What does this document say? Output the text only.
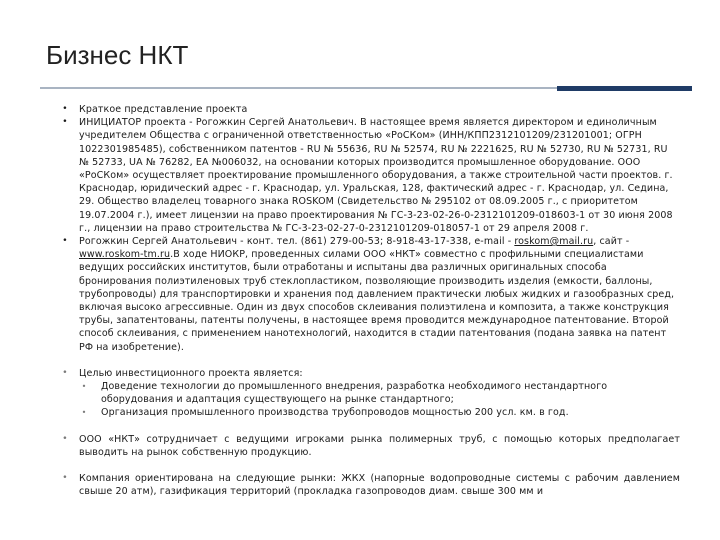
Бизнес НКТ
• Краткое представление проекта
• ИНИЦИАТОР проекта - Рогожкин Сергей Анатольевич. В настоящее время является директором и единоличным учредителем Общества с ограниченной ответственностью «РоСКом» (ИНН/КПП2312101209/231201001; ОГРН 1022301985485), собственником патентов - RU № 55636, RU № 52574, RU № 2221625, RU № 52730, RU № 52731, RU № 52733, UA № 76282, EA №006032, на основании которых производится промышленное оборудование. ООО «РоСКом» осуществляет проектирование промышленного оборудования, а также строительной части проектов. г. Краснодар, юридический адрес - г. Краснодар, ул. Уральская, 128, фактический адрес - г. Краснодар, ул. Седина, 29. Общество владелец товарного знака ROSKOM (Свидетельство № 295102 от 08.09.2005 г., с приоритетом 19.07.2004 г.), имеет лицензии на право проектирования № ГС-3-23-02-26-0-2312101209-018603-1 от 30 июня 2008 г., лицензии на право строительства № ГС-3-23-02-27-0-2312101209-018057-1 от 29 апреля 2008 г.
• Рогожкин Сергей Анатольевич - конт. тел. (861) 279-00-53; 8-918-43-17-338, e-mail - roskom@mail.ru, сайт - www.roskom-tm.ru.В ходе НИОКР, проведенных силами ООО «НКТ» совместно с профильными специалистами ведущих российских институтов, были отработаны и испытаны два различных оригинальных способа бронирования полиэтиленовых труб стеклопластиком, позволяющие производить изделия (емкости, баллоны, трубопроводы) для транспортировки и хранения под давлением практически любых жидких и газообразных сред, включая высоко агрессивные. Один из двух способов склеивания полиэтилена и композита, а также конструкция трубы, запатентованы, патенты получены, в настоящее время проводится международное патентование. Второй способ склеивания, с применением нанотехнологий, находится в стадии патентования (подана заявка на патент РФ на изобретение).
• Целью инвестиционного проекта является:
• Доведение технологии до промышленного внедрения, разработка необходимого нестандартного оборудования и адаптация существующего на рынке стандартного;
• Организация промышленного производства трубопроводов мощностью 200 усл. км. в год.
• ООО «НКТ» сотрудничает с ведущими игроками рынка полимерных труб, с помощью которых предполагает выводить на рынок собственную продукцию.
• Компания ориентирована на следующие рынки: ЖКХ (напорные водопроводные системы с рабочим давлением свыше 20 атм), газификация территорий (прокладка газопроводов диам. свыше 300 мм и
